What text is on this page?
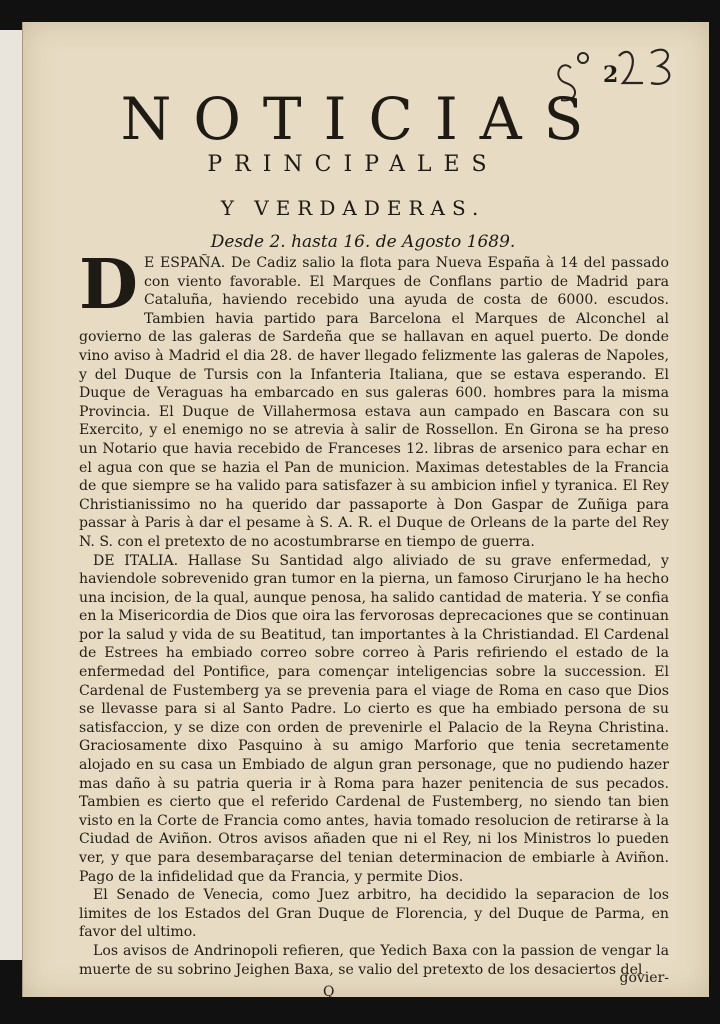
2
NOTICIAS
PRINCIPALES
Y VERDADERAS.
Desde 2. hasta 16. de Agosto 1689.

D E ESPAÑA. De Cadiz salio la flota para Nueva España à 14 del passado con viento favorable. El Marques de Conflans partio de Madrid para Cataluña, haviendo recebido una ayuda de costa de 6000. escudos. Tambien havia partido para Barcelona el Marques de Alconchel al govierno de las galeras de Sardeña que se hallavan en aquel puerto. De donde vino aviso à Madrid el dia 28. de haver llegado felizmente las galeras de Napoles, y del Duque de Tursis con la Infanteria Italiana, que se estava esperando. El Duque de Veraguas ha embarcado en sus galeras 600. hombres para la misma Provincia. El Duque de Villahermosa estava aun campado en Bascara con su Exercito, y el enemigo no se atrevia à salir de Rossellon. En Girona se ha preso un Notario que havia recebido de Franceses 12. libras de arsenico para echar en el agua con que se hazia el Pan de municion. Maximas detestables de la Francia de que siempre se ha valido para satisfazer à su ambicion infiel y tyranica. El Rey Christianissimo no ha querido dar passaporte à Don Gaspar de Zuñiga para passar à Paris à dar el pesame à S. A. R. el Duque de Orleans de la parte del Rey N. S. con el pretexto de no acostumbrarse en tiempo de guerra.

DE ITALIA. Hallase Su Santidad algo aliviado de su grave enfermedad, y haviendole sobrevenido gran tumor en la pierna, un famoso Cirurjano le ha hecho una incision, de la qual, aunque penosa, ha salido cantidad de materia. Y se confia en la Misericordia de Dios que oira las fervorosas deprecaciones que se continuan por la salud y vida de su Beatitud, tan importantes à la Christiandad. El Cardenal de Estrees ha embiado correo sobre correo à Paris refiriendo el estado de la enfermedad del Pontifice, para començar inteligencias sobre la succession. El Cardenal de Fustemberg ya se prevenia para el viage de Roma en caso que Dios se llevasse para si al Santo Padre. Lo cierto es que ha embiado persona de su satisfaccion, y se dize con orden de prevenirle el Palacio de la Reyna Christina. Graciosamente dixo Pasquino à su amigo Marforio que tenia secretamente alojado en su casa un Embiado de algun gran personage, que no pudiendo hazer mas daño à su patria queria ir à Roma para hazer penitencia de sus pecados. Tambien es cierto que el referido Cardenal de Fustemberg, no siendo tan bien visto en la Corte de Francia como antes, havia tomado resolucion de retirarse à la Ciudad de Aviñon. Otros avisos añaden que ni el Rey, ni los Ministros lo pueden ver, y que para desembaraçarse del tenian determinacion de embiarle à Aviñon. Pago de la infidelidad que da Francia, y permite Dios.

El Senado de Venecia, como Juez arbitro, ha decidido la separacion de los limites de los Estados del Gran Duque de Florencia, y del Duque de Parma, en favor del ultimo.

Los avisos de Andrinopoli refieren, que Yedich Baxa con la passion de vengar la muerte de su sobrino Jeighen Baxa, se valio del pretexto de los desaciertos del

Q
govier-
